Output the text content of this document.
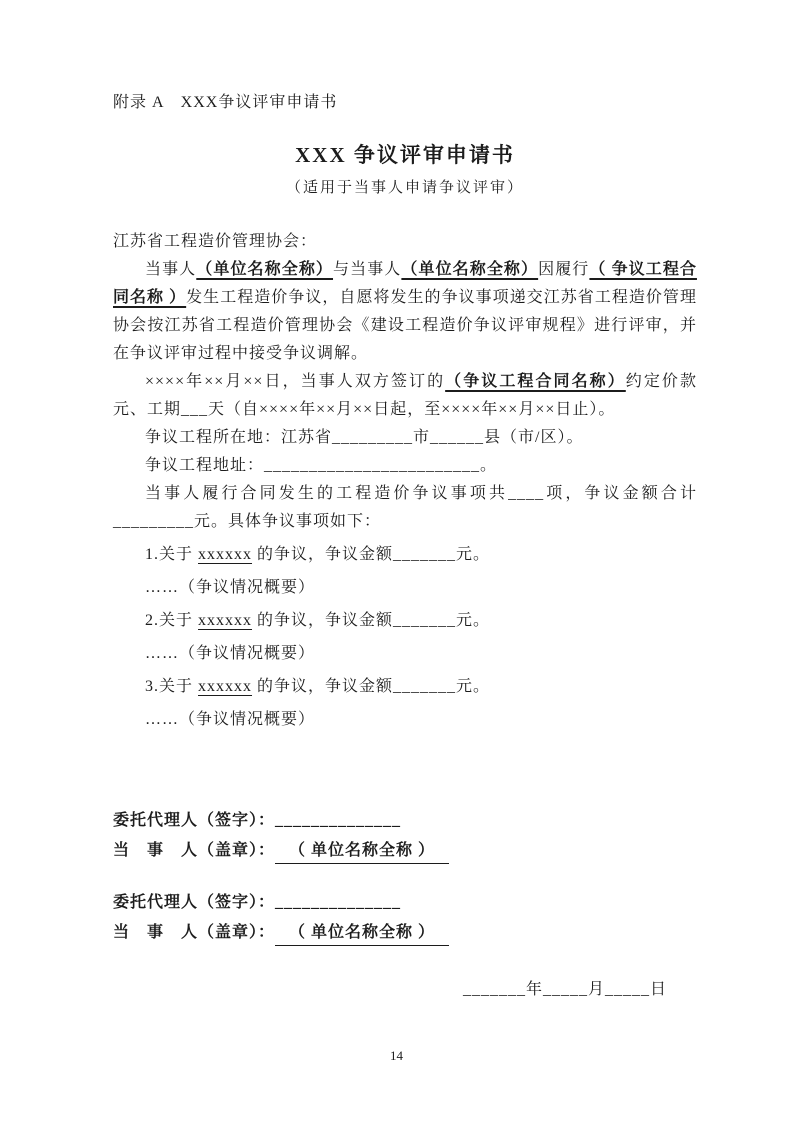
附录 A　XXX争议评审申请书

XXX 争议评审申请书

（适用于当事人申请争议评审）

江苏省工程造价管理协会：

当事人（单位名称全称）与当事人（单位名称全称）因履行（ 争议工程合同名称 ）发生工程造价争议，自愿将发生的争议事项递交江苏省工程造价管理协会按江苏省工程造价管理协会《建设工程造价争议评审规程》进行评审，并在争议评审过程中接受争议调解。

××××年××月××日，当事人双方签订的（争议工程合同名称）约定价款元、工期___天（自××××年××月××日起，至××××年××月××日止）。

争议工程所在地：江苏省_________市______县（市/区）。

争议工程地址：________________________。

当事人履行合同发生的工程造价争议事项共____项，争议金额合计_________元。具体争议事项如下：

1.关于 xxxxxx 的争议，争议金额_______元。

……（争议情况概要）

2.关于 xxxxxx 的争议，争议金额_______元。

……（争议情况概要）

3.关于 xxxxxx 的争议，争议金额_______元。

……（争议情况概要）

委托代理人（签字）：______________

当　事　人（盖章）： （ 单位名称全称 ）

委托代理人（签字）：______________

当　事　人（盖章）： （ 单位名称全称 ）

_______年_____月_____日

14
